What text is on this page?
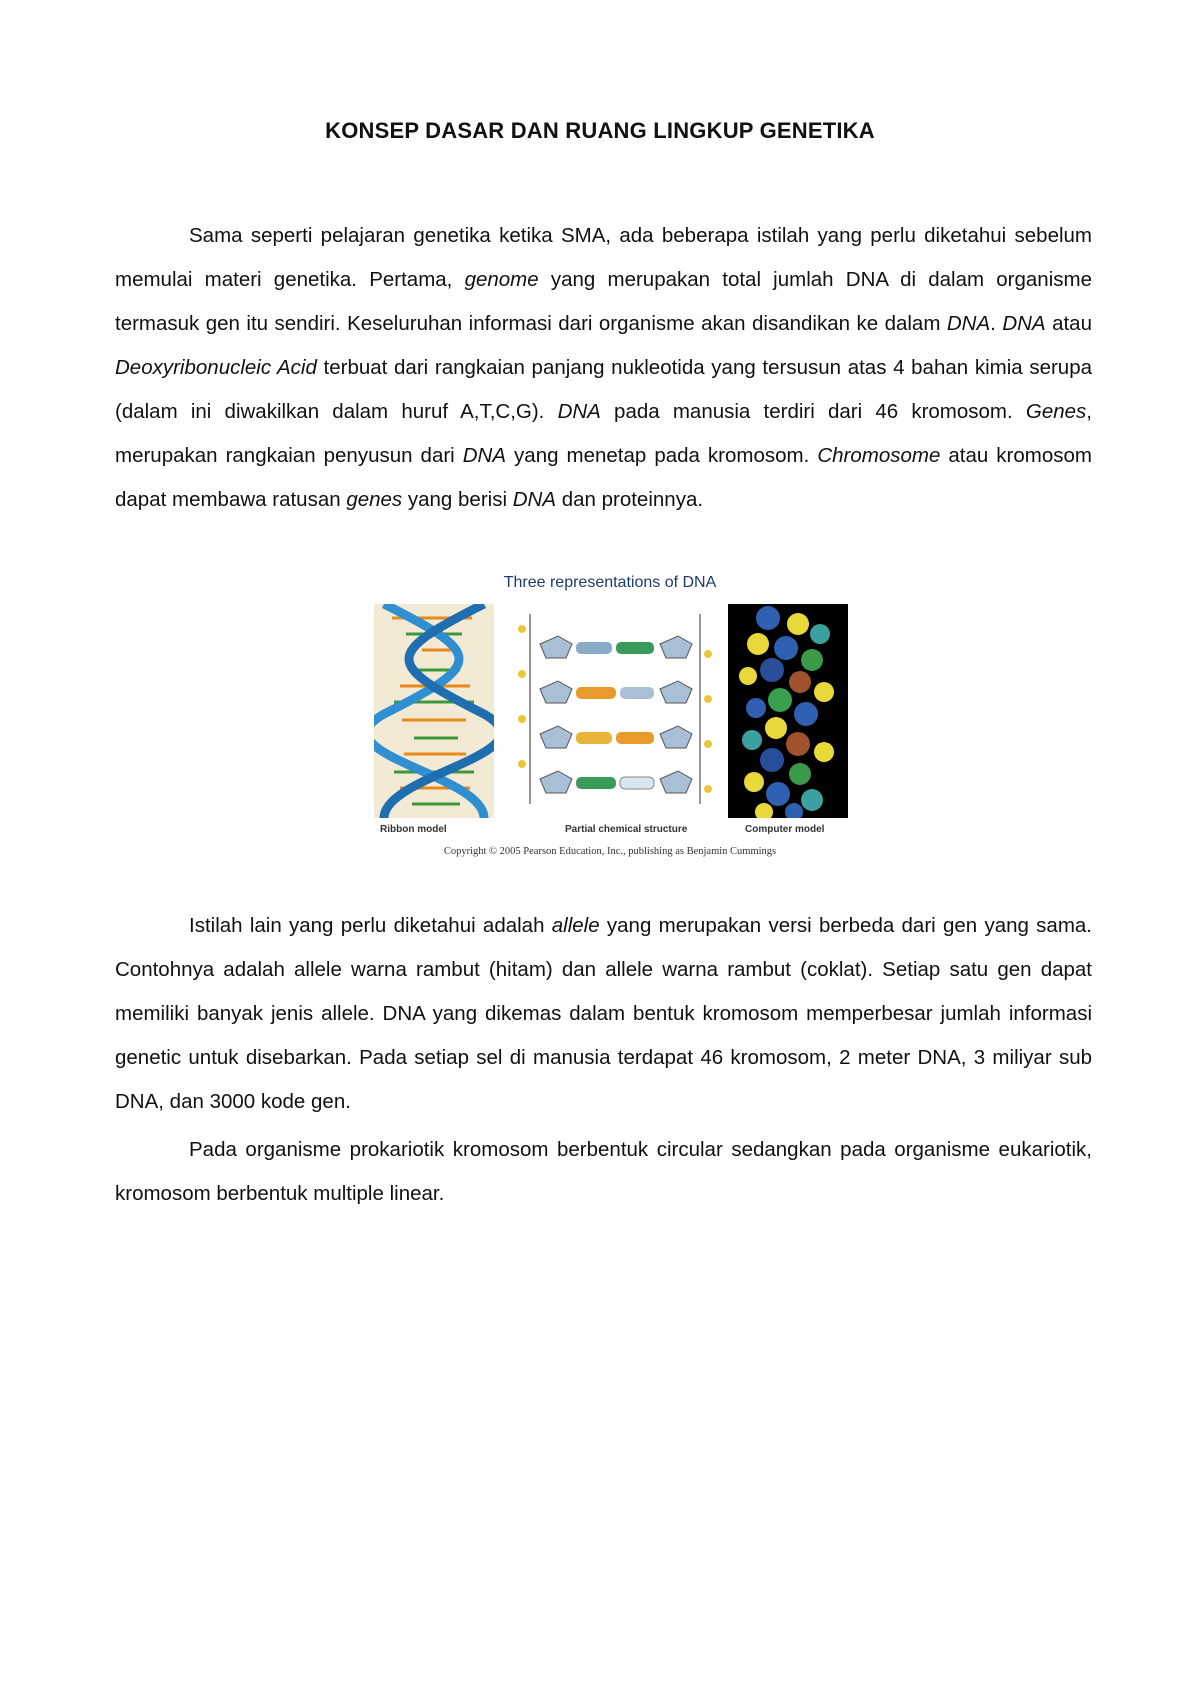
KONSEP DASAR DAN RUANG LINGKUP GENETIKA

Sama seperti pelajaran genetika ketika SMA, ada beberapa istilah yang perlu diketahui sebelum memulai materi genetika. Pertama, genome yang merupakan total jumlah DNA di dalam organisme termasuk gen itu sendiri. Keseluruhan informasi dari organisme akan disandikan ke dalam DNA. DNA atau Deoxyribonucleic Acid terbuat dari rangkaian panjang nukleotida yang tersusun atas 4 bahan kimia serupa (dalam ini diwakilkan dalam huruf A,T,C,G). DNA pada manusia terdiri dari 46 kromosom. Genes, merupakan rangkaian penyusun dari DNA yang menetap pada kromosom. Chromosome atau kromosom dapat membawa ratusan genes yang berisi DNA dan proteinnya.

Three representations of DNA
Ribbon model	Partial chemical structure	Computer model
Copyright © 2005 Pearson Education, Inc., publishing as Benjamin Cummings

Istilah lain yang perlu diketahui adalah allele yang merupakan versi berbeda dari gen yang sama. Contohnya adalah allele warna rambut (hitam) dan allele warna rambut (coklat). Setiap satu gen dapat memiliki banyak jenis allele. DNA yang dikemas dalam bentuk kromosom memperbesar jumlah informasi genetic untuk disebarkan. Pada setiap sel di manusia terdapat 46 kromosom, 2 meter DNA, 3 miliyar sub DNA, dan 3000 kode gen.

Pada organisme prokariotik kromosom berbentuk circular sedangkan pada organisme eukariotik, kromosom berbentuk multiple linear.
